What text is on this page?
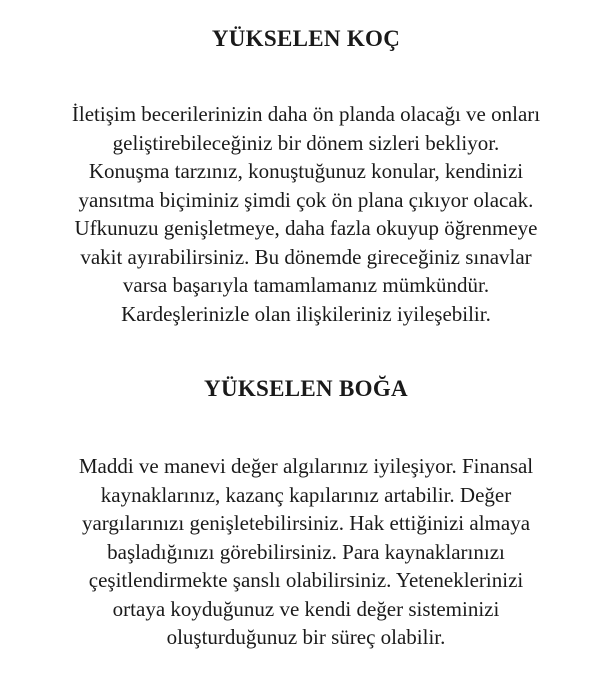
YÜKSELEN KOÇ

İletişim becerilerinizin daha ön planda olacağı ve onları
geliştirebileceğiniz bir dönem sizleri bekliyor.
Konuşma tarzınız, konuştuğunuz konular, kendinizi
yansıtma biçiminiz şimdi çok ön plana çıkıyor olacak.
Ufkunuzu genişletmeye, daha fazla okuyup öğrenmeye
vakit ayırabilirsiniz. Bu dönemde gireceğiniz sınavlar
varsa başarıyla tamamlamanız mümkündür.
Kardeşlerinizle olan ilişkileriniz iyileşebilir.

YÜKSELEN BOĞA

Maddi ve manevi değer algılarınız iyileşiyor. Finansal
kaynaklarınız, kazanç kapılarınız artabilir. Değer
yargılarınızı genişletebilirsiniz. Hak ettiğinizi almaya
başladığınızı görebilirsiniz. Para kaynaklarınızı
çeşitlendirmekte şanslı olabilirsiniz. Yeteneklerinizi
ortaya koyduğunuz ve kendi değer sisteminizi
oluşturduğunuz bir süreç olabilir.
